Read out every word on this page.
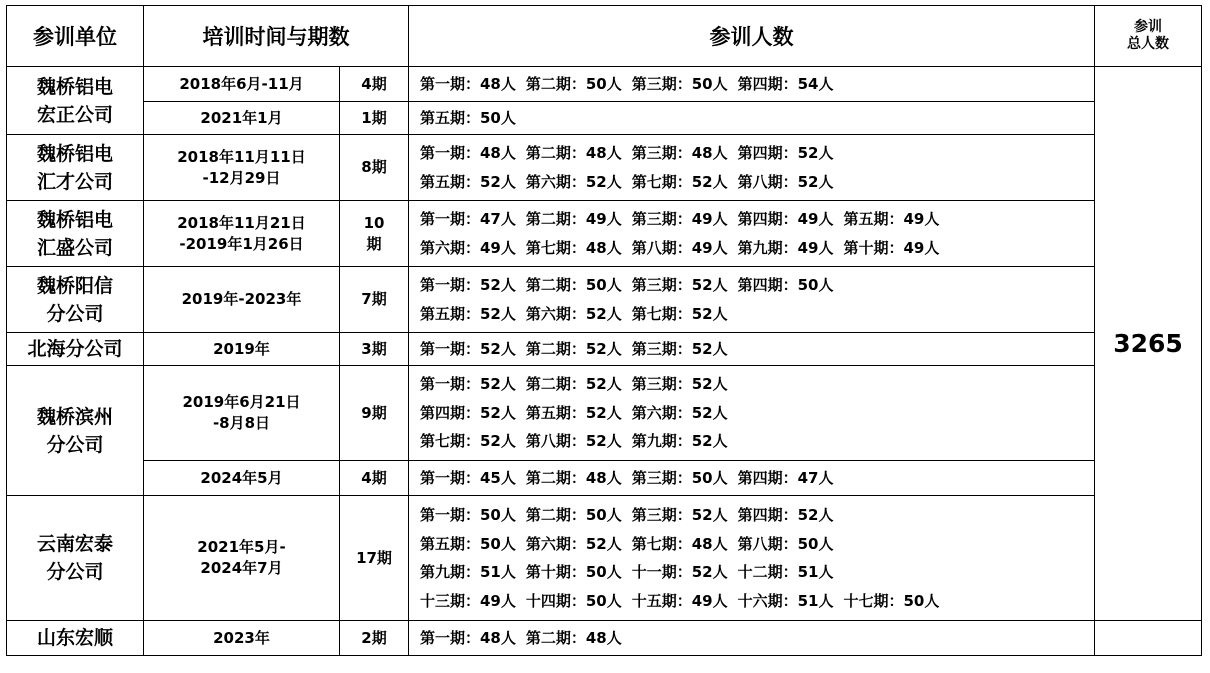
参训单位	培训时间与期数		参训人数	参训
总人数

魏桥铝电
宏正公司	2018年6月-11月	4期	第一期：48人 第二期：50人 第三期：50人 第四期：54人	3265

	2021年1月	1期	第五期：50人	

魏桥铝电
汇才公司	2018年11月11日
-12月29日	8期	第一期：48人 第二期：48人 第三期：48人 第四期：52人
第五期：52人 第六期：52人 第七期：52人 第八期：52人	

魏桥铝电
汇盛公司	2018年11月21日
-2019年1月26日	10
期	第一期：47人 第二期：49人 第三期：49人 第四期：49人 第五期：49人
第六期：49人 第七期：48人 第八期：49人 第九期：49人 第十期：49人	

魏桥阳信
分公司	2019年-2023年	7期	第一期：52人 第二期：50人 第三期：52人 第四期：50人
第五期：52人 第六期：52人 第七期：52人	

北海分公司	2019年	3期	第一期：52人 第二期：52人 第三期：52人	

魏桥滨州
分公司	2019年6月21日
-8月8日	9期	第一期：52人 第二期：52人 第三期：52人
第四期：52人 第五期：52人 第六期：52人
第七期：52人 第八期：52人 第九期：52人	

	2024年5月	4期	第一期：45人 第二期：48人 第三期：50人 第四期：47人	

云南宏泰
分公司	2021年5月-
2024年7月	17期	第一期：50人 第二期：50人 第三期：52人 第四期：52人
第五期：50人 第六期：52人 第七期：48人 第八期：50人
第九期：51人 第十期：50人 十一期：52人 十二期：51人
十三期：49人 十四期：50人 十五期：49人 十六期：51人 十七期：50人	

山东宏顺	2023年	2期	第一期：48人 第二期：48人	
